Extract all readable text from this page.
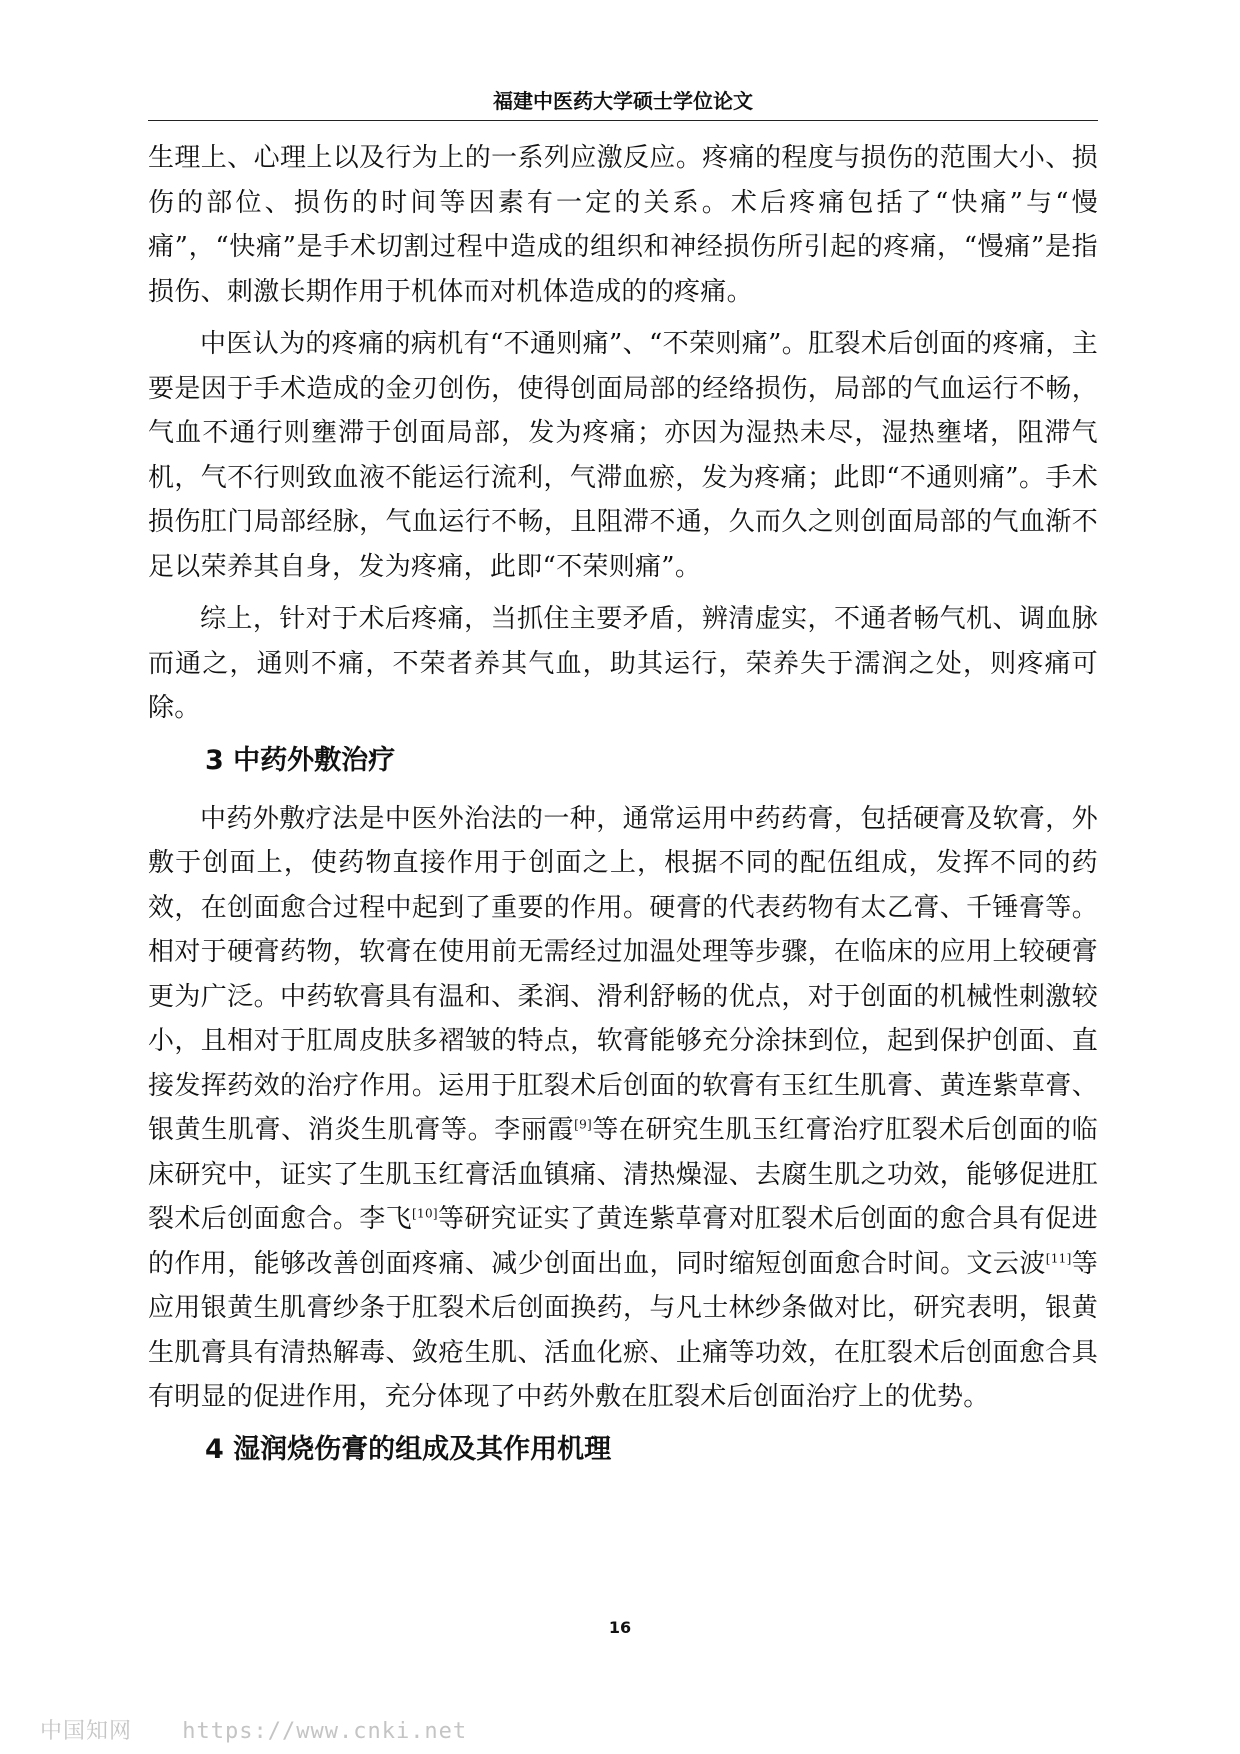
福建中医药大学硕士学位论文

生理上、心理上以及行为上的一系列应激反应。疼痛的程度与损伤的范围大小、损伤的部位、损伤的时间等因素有一定的关系。术后疼痛包括了“快痛”与“慢痛”，“快痛”是手术切割过程中造成的组织和神经损伤所引起的疼痛，“慢痛”是指损伤、刺激长期作用于机体而对机体造成的的疼痛。

中医认为的疼痛的病机有“不通则痛”、“不荣则痛”。肛裂术后创面的疼痛，主要是因于手术造成的金刃创伤，使得创面局部的经络损伤，局部的气血运行不畅，气血不通行则壅滞于创面局部，发为疼痛；亦因为湿热未尽，湿热壅堵，阻滞气机，气不行则致血液不能运行流利，气滞血瘀，发为疼痛；此即“不通则痛”。手术损伤肛门局部经脉，气血运行不畅，且阻滞不通，久而久之则创面局部的气血渐不足以荣养其自身，发为疼痛，此即“不荣则痛”。

综上，针对于术后疼痛，当抓住主要矛盾，辨清虚实，不通者畅气机、调血脉而通之，通则不痛，不荣者养其气血，助其运行，荣养失于濡润之处，则疼痛可除。

3 中药外敷治疗

中药外敷疗法是中医外治法的一种，通常运用中药药膏，包括硬膏及软膏，外敷于创面上，使药物直接作用于创面之上，根据不同的配伍组成，发挥不同的药效，在创面愈合过程中起到了重要的作用。硬膏的代表药物有太乙膏、千锤膏等。相对于硬膏药物，软膏在使用前无需经过加温处理等步骤，在临床的应用上较硬膏更为广泛。中药软膏具有温和、柔润、滑利舒畅的优点，对于创面的机械性刺激较小，且相对于肛周皮肤多褶皱的特点，软膏能够充分涂抹到位，起到保护创面、直接发挥药效的治疗作用。运用于肛裂术后创面的软膏有玉红生肌膏、黄连紫草膏、银黄生肌膏、消炎生肌膏等。李丽霞[9]等在研究生肌玉红膏治疗肛裂术后创面的临床研究中，证实了生肌玉红膏活血镇痛、清热燥湿、去腐生肌之功效，能够促进肛裂术后创面愈合。李飞[10]等研究证实了黄连紫草膏对肛裂术后创面的愈合具有促进的作用，能够改善创面疼痛、减少创面出血，同时缩短创面愈合时间。文云波[11]等应用银黄生肌膏纱条于肛裂术后创面换药，与凡士林纱条做对比，研究表明，银黄生肌膏具有清热解毒、敛疮生肌、活血化瘀、止痛等功效，在肛裂术后创面愈合具有明显的促进作用，充分体现了中药外敷在肛裂术后创面治疗上的优势。

4 湿润烧伤膏的组成及其作用机理
16
中国知网 https://www.cnki.net
